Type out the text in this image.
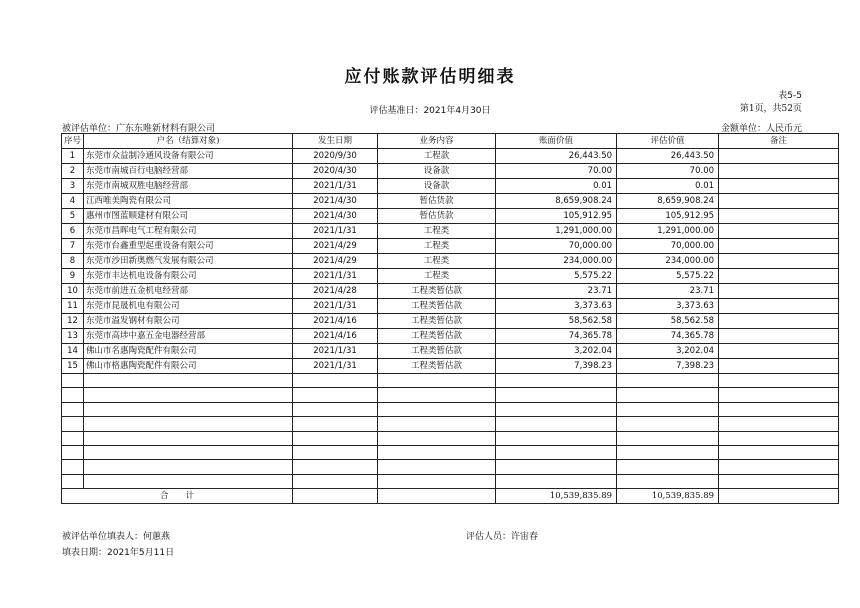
应付账款评估明细表
表5-5
第1页，共52页
评估基准日：2021年4月30日
被评估单位：广东东唯新材料有限公司	金额单位：人民币元
序号	户名（结算对象)	发生日期	业务内容	账面价值	评估价值	备注
1	东莞市众益制冷通风设备有限公司	2020/9/30	工程款	26,443.50	26,443.50	
2	东莞市南城百行电脑经营部	2020/4/30	设备款	70.00	70.00	
3	东莞市南城双胜电脑经营部	2021/1/31	设备款	0.01	0.01	
4	江西唯美陶瓷有限公司	2021/4/30	暂估货款	8,659,908.24	8,659,908.24	
5	惠州市图蓝顺建材有限公司	2021/4/30	暂估货款	105,912.95	105,912.95	
6	东莞市昌晖电气工程有限公司	2021/1/31	工程类	1,291,000.00	1,291,000.00	
7	东莞市台鑫重型起重设备有限公司	2021/4/29	工程类	70,000.00	70,000.00	
8	东莞市沙田新奥燃气发展有限公司	2021/4/29	工程类	234,000.00	234,000.00	
9	东莞市丰达机电设备有限公司	2021/1/31	工程类	5,575.22	5,575.22	
10	东莞市前进五金机电经营部	2021/4/28	工程类暂估款	23.71	23.71	
11	东莞市昆晟机电有限公司	2021/1/31	工程类暂估款	3,373.63	3,373.63	
12	东莞市溢发钢材有限公司	2021/4/16	工程类暂估款	58,562.58	58,562.58	
13	东莞市高埗中嘉五金电器经营部	2021/4/16	工程类暂估款	74,365.78	74,365.78	
14	佛山市名惠陶瓷配件有限公司	2021/1/31	工程类暂估款	3,202.04	3,202.04	
15	佛山市格惠陶瓷配件有限公司	2021/1/31	工程类暂估款	7,398.23	7,398.23	

合　　计				10,539,835.89	10,539,835.89	
被评估单位填表人：何蕙燕	评估人员：许宙春
填表日期：2021年5月11日
